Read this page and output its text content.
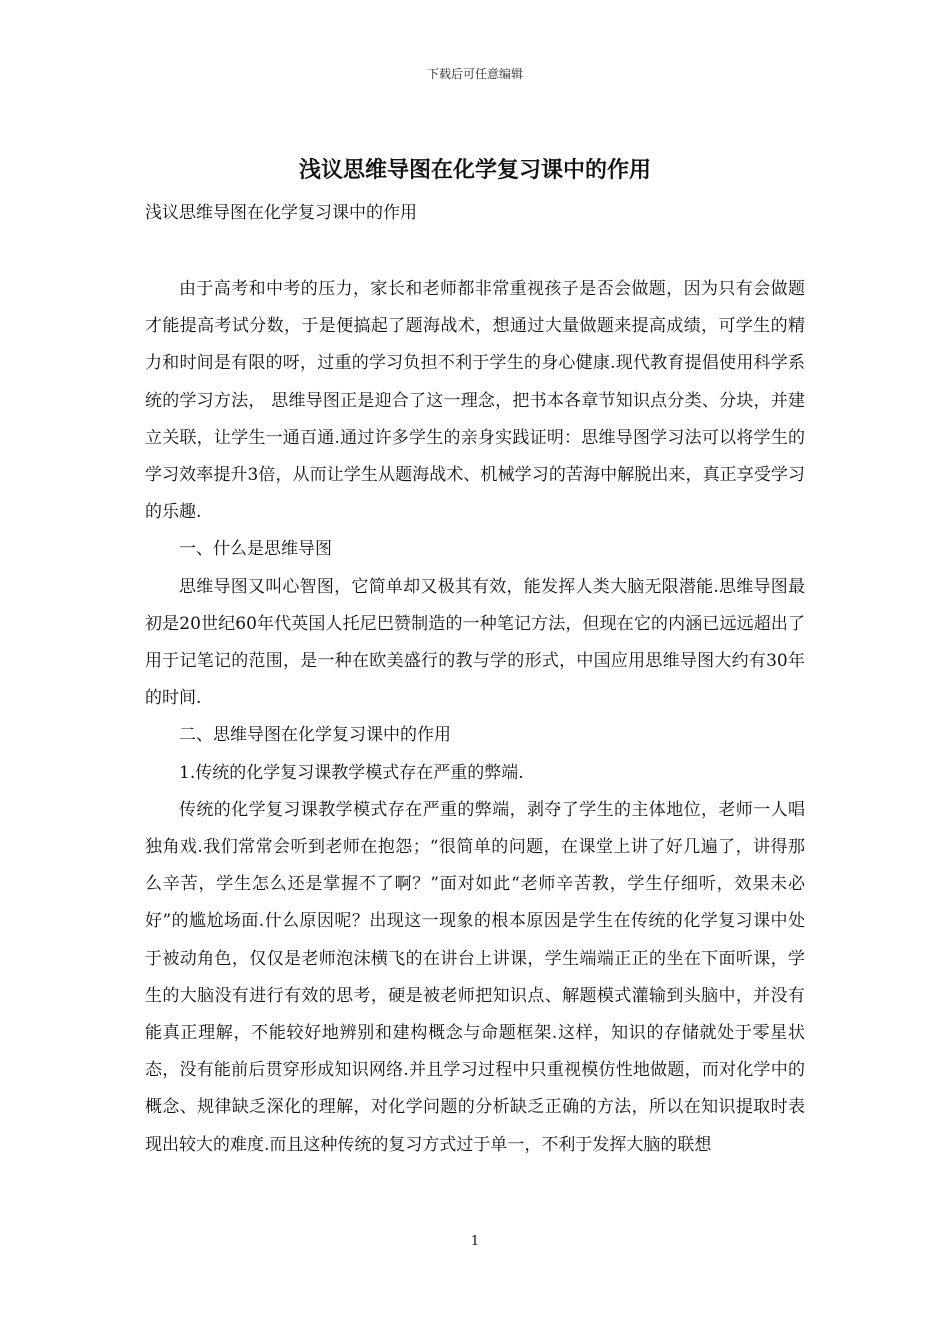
下载后可任意编辑
浅议思维导图在化学复习课中的作用

浅议思维导图在化学复习课中的作用

由于高考和中考的压力，家长和老师都非常重视孩子是否会做题，因为只有会做题才能提高考试分数，于是便搞起了题海战术，想通过大量做题来提高成绩，可学生的精力和时间是有限的呀，过重的学习负担不利于学生的身心健康.现代教育提倡使用科学系统的学习方法， 思维导图正是迎合了这一理念，把书本各章节知识点分类、分块，并建立关联，让学生一通百通.通过许多学生的亲身实践证明：思维导图学习法可以将学生的学习效率提升3倍，从而让学生从题海战术、机械学习的苦海中解脱出来，真正享受学习的乐趣.

一、什么是思维导图

思维导图又叫心智图，它简单却又极其有效，能发挥人类大脑无限潜能.思维导图最初是20世纪60年代英国人托尼巴赞制造的一种笔记方法，但现在它的内涵已远远超出了用于记笔记的范围，是一种在欧美盛行的教与学的形式，中国应用思维导图大约有30年的时间.

二、思维导图在化学复习课中的作用

1.传统的化学复习课教学模式存在严重的弊端.

传统的化学复习课教学模式存在严重的弊端，剥夺了学生的主体地位，老师一人唱独角戏.我们常常会听到老师在抱怨；“很简单的问题，在课堂上讲了好几遍了，讲得那么辛苦，学生怎么还是掌握不了啊？”面对如此“老师辛苦教，学生仔细听，效果未必好”的尴尬场面.什么原因呢？出现这一现象的根本原因是学生在传统的化学复习课中处于被动角色，仅仅是老师泡沫横飞的在讲台上讲课，学生端端正正的坐在下面听课，学生的大脑没有进行有效的思考，硬是被老师把知识点、解题模式灌输到头脑中，并没有能真正理解，不能较好地辨别和建构概念与命题框架.这样，知识的存储就处于零星状态，没有能前后贯穿形成知识网络.并且学习过程中只重视模仿性地做题，而对化学中的概念、规律缺乏深化的理解，对化学问题的分析缺乏正确的方法，所以在知识提取时表现出较大的难度.而且这种传统的复习方式过于单一，不利于发挥大脑的联想

1
